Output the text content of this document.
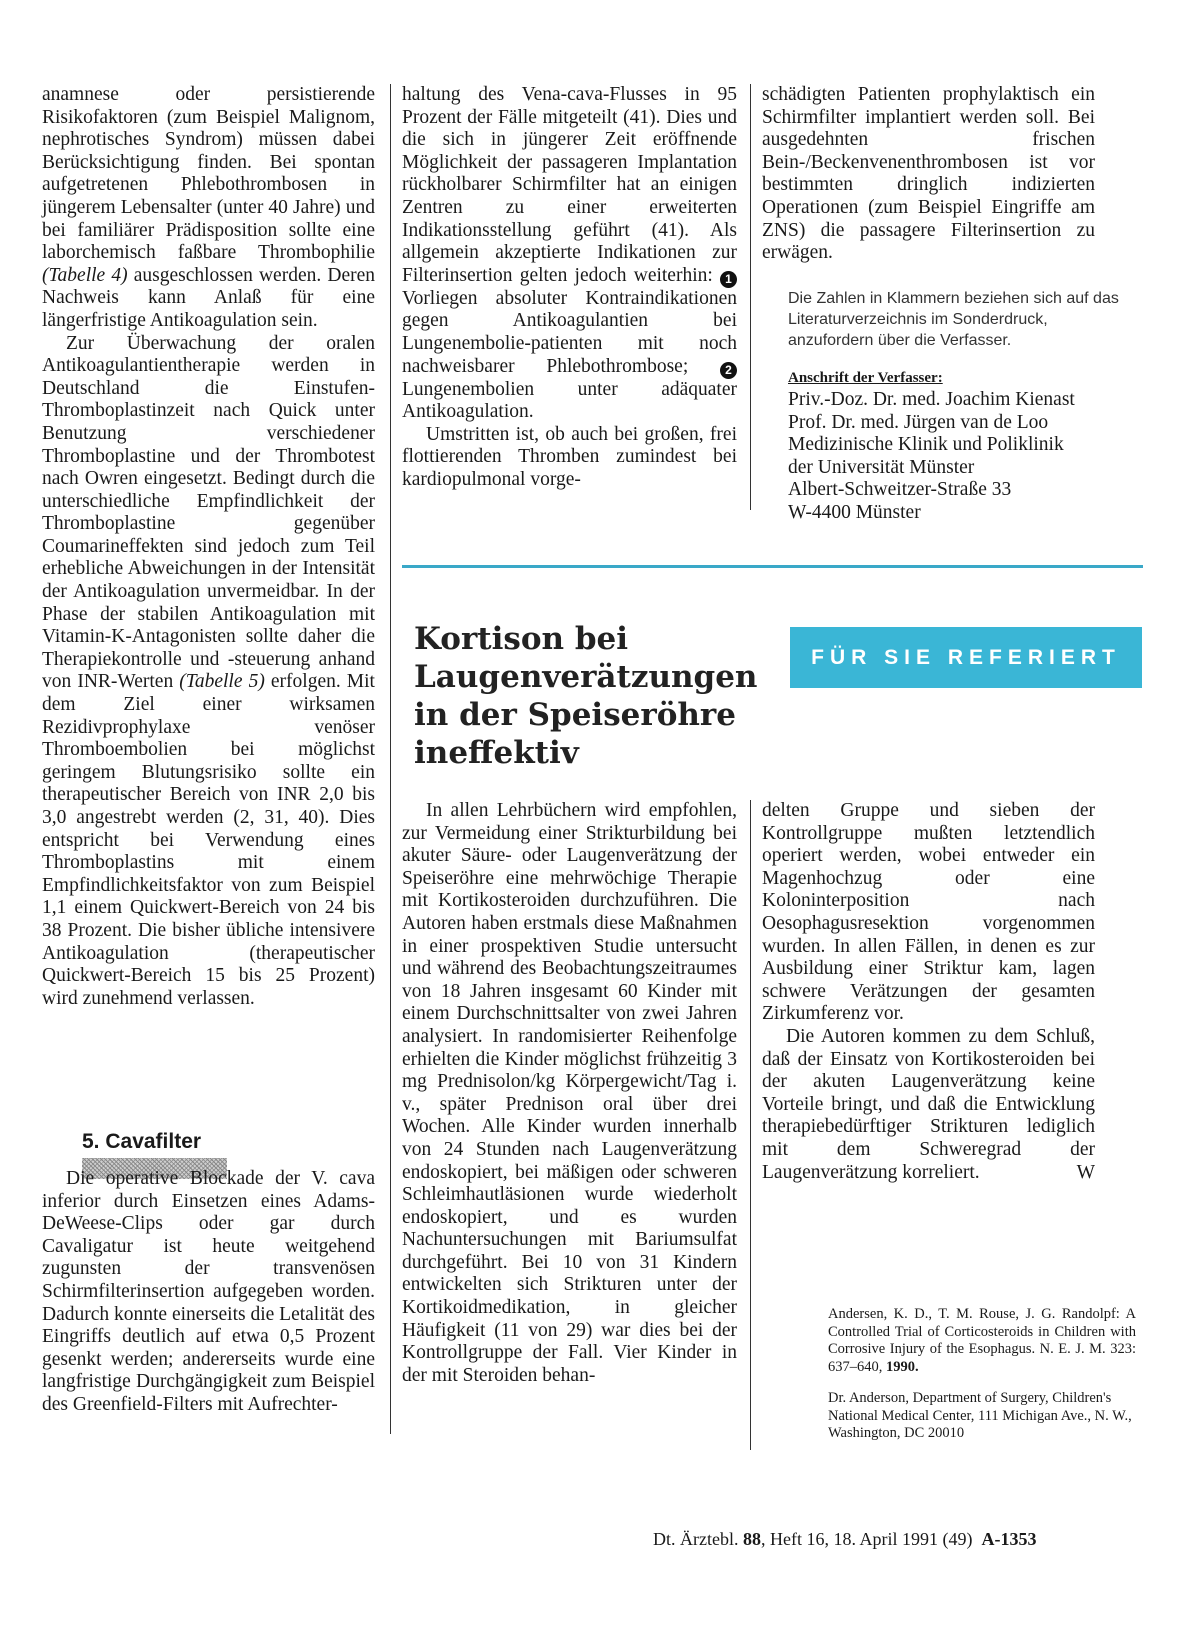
anamnese oder persistierende Risikofaktoren (zum Beispiel Malignom, nephrotisches Syndrom) müssen dabei Berücksichtigung finden. Bei spontan aufgetretenen Phlebothrombosen in jüngerem Lebensalter (unter 40 Jahre) und bei familiärer Prädisposition sollte eine laborchemisch faßbare Thrombophilie (Tabelle 4) ausgeschlossen werden. Deren Nachweis kann Anlaß für eine längerfristige Antikoagulation sein.

Zur Überwachung der oralen Antikoagulantientherapie werden in Deutschland die Einstufen-Thromboplastinzeit nach Quick unter Benutzung verschiedener Thromboplastine und der Thrombotest nach Owren eingesetzt. Bedingt durch die unterschiedliche Empfindlichkeit der Thromboplastine gegenüber Coumarineffekten sind jedoch zum Teil erhebliche Abweichungen in der Intensität der Antikoagulation unvermeidbar. In der Phase der stabilen Antikoagulation mit Vitamin-K-Antagonisten sollte daher die Therapiekontrolle und -steuerung anhand von INR-Werten (Tabelle 5) erfolgen. Mit dem Ziel einer wirksamen Rezidivprophylaxe venöser Thromboembolien bei möglichst geringem Blutungsrisiko sollte ein therapeutischer Bereich von INR 2,0 bis 3,0 angestrebt werden (2, 31, 40). Dies entspricht bei Verwendung eines Thromboplastins mit einem Empfindlichkeitsfaktor von zum Beispiel 1,1 einem Quickwert-Bereich von 24 bis 38 Prozent. Die bisher übliche intensivere Antikoagulation (therapeutischer Quickwert-Bereich 15 bis 25 Prozent) wird zunehmend verlassen.

5. Cavafilter

Die operative Blockade der V. cava inferior durch Einsetzen eines Adams-DeWeese-Clips oder gar durch Cavaligatur ist heute weitgehend zugunsten der transvenösen Schirmfilterinsertion aufgegeben worden. Dadurch konnte einerseits die Letalität des Eingriffs deutlich auf etwa 0,5 Prozent gesenkt werden; andererseits wurde eine langfristige Durchgängigkeit zum Beispiel des Greenfield-Filters mit Aufrechter-

haltung des Vena-cava-Flusses in 95 Prozent der Fälle mitgeteilt (41). Dies und die sich in jüngerer Zeit eröffnende Möglichkeit der passageren Implantation rückholbarer Schirmfilter hat an einigen Zentren zu einer erweiterten Indikationsstellung geführt (41). Als allgemein akzeptierte Indikationen zur Filterinsertion gelten jedoch weiterhin: 1 Vorliegen absoluter Kontraindikationen gegen Antikoagulantien bei Lungenembolie-patienten mit noch nachweisbarer Phlebothrombose;	2 Lungenembolien unter adäquater Antikoagulation.

Umstritten ist, ob auch bei großen, frei flottierenden Thromben zumindest bei kardiopulmonal vorge-

schädigten Patienten prophylaktisch ein Schirmfilter implantiert werden soll. Bei ausgedehnten frischen Bein-/Beckenvenenthrombosen ist vor bestimmten dringlich indizierten Operationen (zum Beispiel Eingriffe am ZNS) die passagere Filterinsertion zu erwägen.

Die Zahlen in Klammern beziehen sich auf das Literaturverzeichnis im Sonderdruck, anzufordern über die Verfasser.
Anschrift der Verfasser:
Priv.-Doz. Dr. med. Joachim Kienast
Prof. Dr. med. Jürgen van de Loo
Medizinische Klinik und Poliklinik
der Universität Münster
Albert-Schweitzer-Straße 33
W-4400 Münster
Kortison bei Laugenverätzungen in der Speiseröhre ineffektiv
FÜR SIE REFERIERT

In allen Lehrbüchern wird empfohlen, zur Vermeidung einer Strikturbildung bei akuter Säure- oder Laugenverätzung der Speiseröhre eine mehrwöchige Therapie mit Kortikosteroiden durchzuführen. Die Autoren haben erstmals diese Maßnahmen in einer prospektiven Studie untersucht und während des Beobachtungszeitraumes von 18 Jahren insgesamt 60 Kinder mit einem Durchschnittsalter von zwei Jahren analysiert. In randomisierter Reihenfolge erhielten die Kinder möglichst frühzeitig 3 mg Prednisolon/kg Körpergewicht/Tag i. v., später Prednison oral über drei Wochen. Alle Kinder wurden innerhalb von 24 Stunden nach Laugenverätzung endoskopiert, bei mäßigen oder schweren Schleimhautläsionen wurde wiederholt endoskopiert, und es wurden Nachuntersuchungen mit Bariumsulfat durchgeführt. Bei 10 von 31 Kindern entwickelten sich Strikturen unter der Kortikoidmedikation, in gleicher Häufigkeit (11 von 29) war dies bei der Kontrollgruppe der Fall. Vier Kinder in der mit Steroiden behan-

delten Gruppe und sieben der Kontrollgruppe mußten letztendlich operiert werden, wobei entweder ein Magenhochzug oder eine Koloninterposition nach Oesophagusresektion vorgenommen wurden. In allen Fällen, in denen es zur Ausbildung einer Striktur kam, lagen schwere Verätzungen der gesamten Zirkumferenz vor.

Die Autoren kommen zu dem Schluß, daß der Einsatz von Kortikosteroiden bei der akuten Laugenverätzung keine Vorteile bringt, und daß die Entwicklung therapiebedürftiger Strikturen lediglich mit dem Schweregrad der Laugenverätzung korreliert.	W

Andersen, K. D., T. M. Rouse, J. G. Randolpf: A Controlled Trial of Corticosteroids in Children with Corrosive Injury of the Esophagus. N. E. J. M. 323: 637–640, 1990.
Dr. Anderson, Department of Surgery, Children's National Medical Center, 111 Michigan Ave., N. W., Washington, DC 20010
Dt. Ärztebl. 88, Heft 16, 18. April 1991 (49) A-1353
